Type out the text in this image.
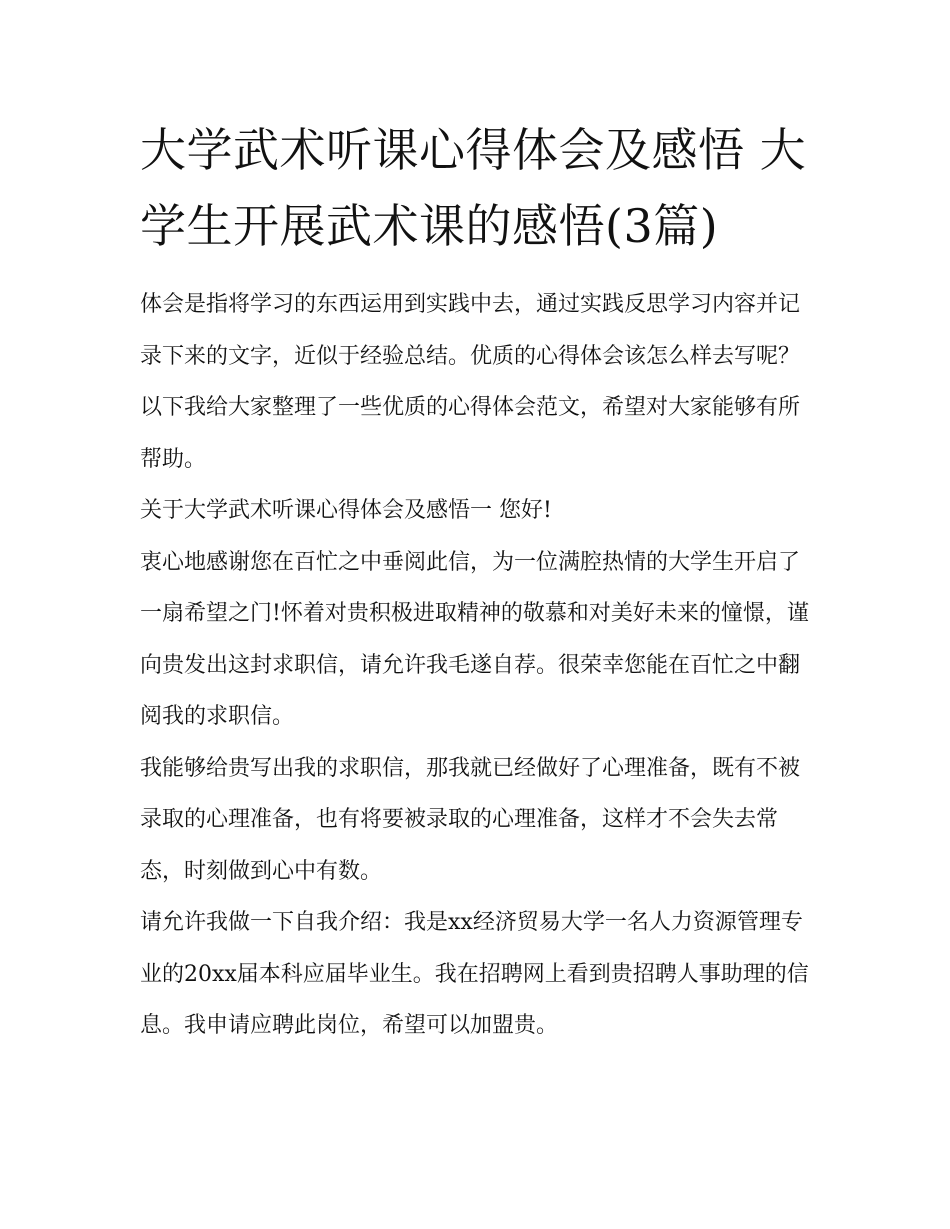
大学武术听课心得体会及感悟 大学生开展武术课的感悟(3篇)

体会是指将学习的东西运用到实践中去，通过实践反思学习内容并记录下来的文字，近似于经验总结。优质的心得体会该怎么样去写呢？以下我给大家整理了一些优质的心得体会范文，希望对大家能够有所帮助。

关于大学武术听课心得体会及感悟一 您好!

衷心地感谢您在百忙之中垂阅此信，为一位满腔热情的大学生开启了一扇希望之门!怀着对贵积极进取精神的敬慕和对美好未来的憧憬，谨向贵发出这封求职信，请允许我毛遂自荐。很荣幸您能在百忙之中翻阅我的求职信。

我能够给贵写出我的求职信，那我就已经做好了心理准备，既有不被录取的心理准备，也有将要被录取的心理准备，这样才不会失去常态，时刻做到心中有数。

请允许我做一下自我介绍：我是xx经济贸易大学一名人力资源管理专业的20xx届本科应届毕业生。我在招聘网上看到贵招聘人事助理的信息。我申请应聘此岗位，希望可以加盟贵。
